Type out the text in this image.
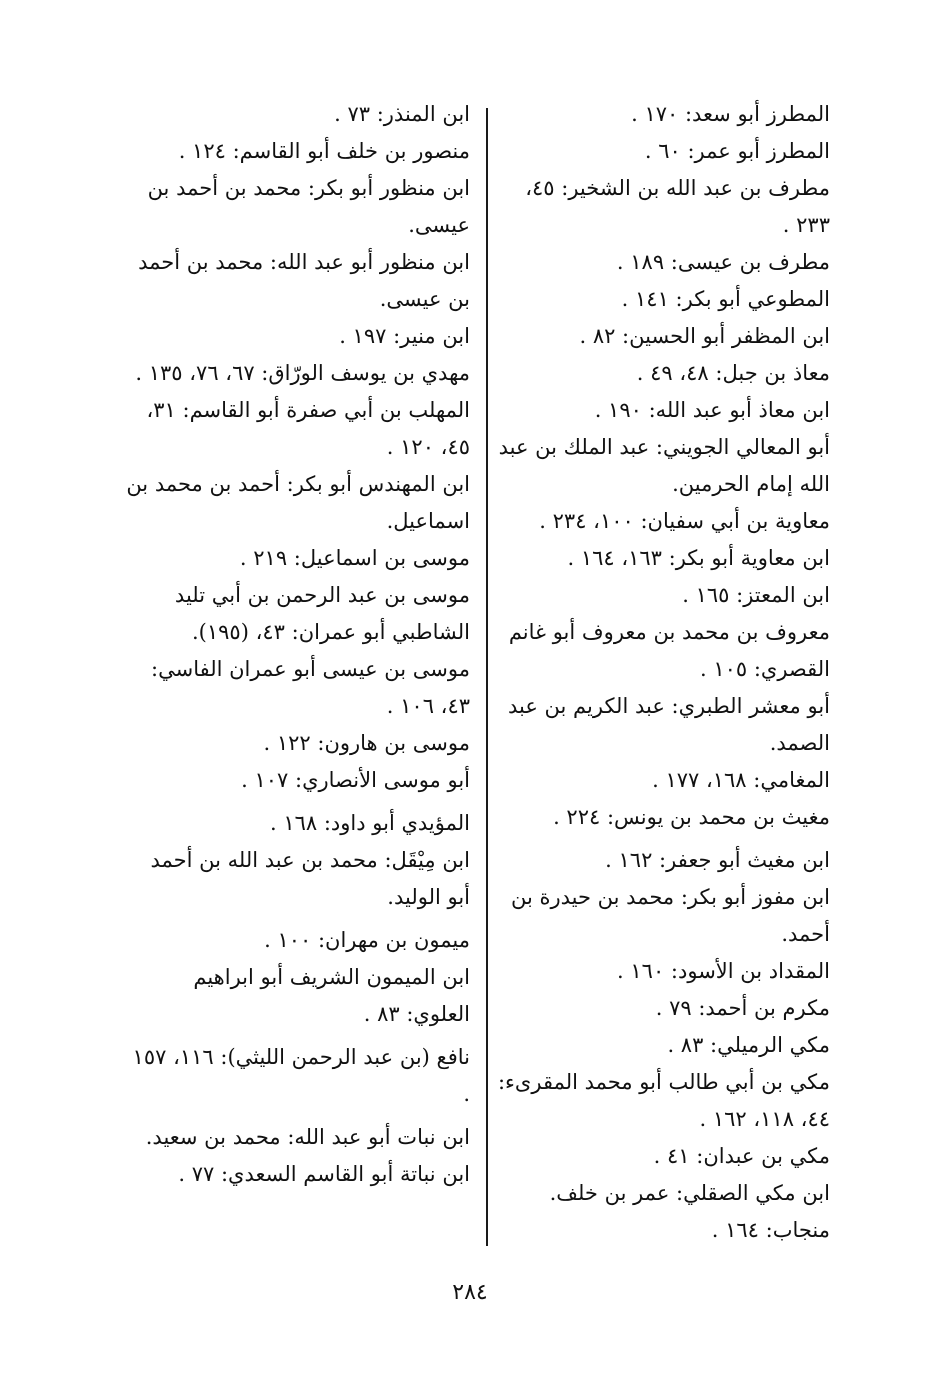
المطرز أبو سعد: ١٧٠ .
المطرز أبو عمر: ٦٠ .
مطرف بن عبد الله بن الشخير: ٤٥، ٢٣٣ .
مطرف بن عيسى: ١٨٩ .
المطوعي أبو بكر: ١٤١ .
ابن المظفر أبو الحسين: ٨٢ .
معاذ بن جبل: ٤٨، ٤٩ .
ابن معاذ أبو عبد الله: ١٩٠ .
أبو المعالي الجويني: عبد الملك بن عبد الله إمام الحرمين.
معاوية بن أبي سفيان: ١٠٠، ٢٣٤ .
ابن معاوية أبو بكر: ١٦٣، ١٦٤ .
ابن المعتز: ١٦٥ .
معروف بن محمد بن معروف أبو غانم القصري: ١٠٥ .
أبو معشر الطبري: عبد الكريم بن عبد الصمد.
المغامي: ١٦٨، ١٧٧ .
مغيث بن محمد بن يونس: ٢٢٤ .
ابن مغيث أبو جعفر: ١٦٢ .
ابن مفوز أبو بكر: محمد بن حيدرة بن أحمد.
المقداد بن الأسود: ١٦٠ .
مكرم بن أحمد: ٧٩ .
مكي الرميلي: ٨٣ .
مكي بن أبي طالب أبو محمد المقرىء: ٤٤، ١١٨، ١٦٢ .
مكي بن عبدان: ٤١ .
ابن مكي الصقلي: عمر بن خلف.
منجاب: ١٦٤ .
ابن المنذر: ٧٣ .
منصور بن خلف أبو القاسم: ١٢٤ .
ابن منظور أبو بكر: محمد بن أحمد بن عيسى.
ابن منظور أبو عبد الله: محمد بن أحمد بن عيسى.
ابن منير: ١٩٧ .
مهدي بن يوسف الورّاق: ٦٧، ٧٦، ١٣٥ .
المهلب بن أبي صفرة أبو القاسم: ٣١، ٤٥، ١٢٠ .
ابن المهندس أبو بكر: أحمد بن محمد بن اسماعيل.
موسى بن اسماعيل: ٢١٩ .
موسى بن عبد الرحمن بن أبي تليد الشاطبي أبو عمران: ٤٣، (١٩٥).
موسى بن عيسى أبو عمران الفاسي: ٤٣، ١٠٦ .
موسى بن هارون: ١٢٢ .
أبو موسى الأنصاري: ١٠٧ .
المؤيدي أبو داود: ١٦٨ .
ابن مِيْقَل: محمد بن عبد الله بن أحمد أبو الوليد.
ميمون بن مهران: ١٠٠ .
ابن الميمون الشريف أبو ابراهيم العلوي: ٨٣ .
نافع (بن عبد الرحمن الليثي): ١١٦، ١٥٧ .
ابن نبات أبو عبد الله: محمد بن سعيد.
ابن نباتة أبو القاسم السعدي: ٧٧ .
٢٨٤
